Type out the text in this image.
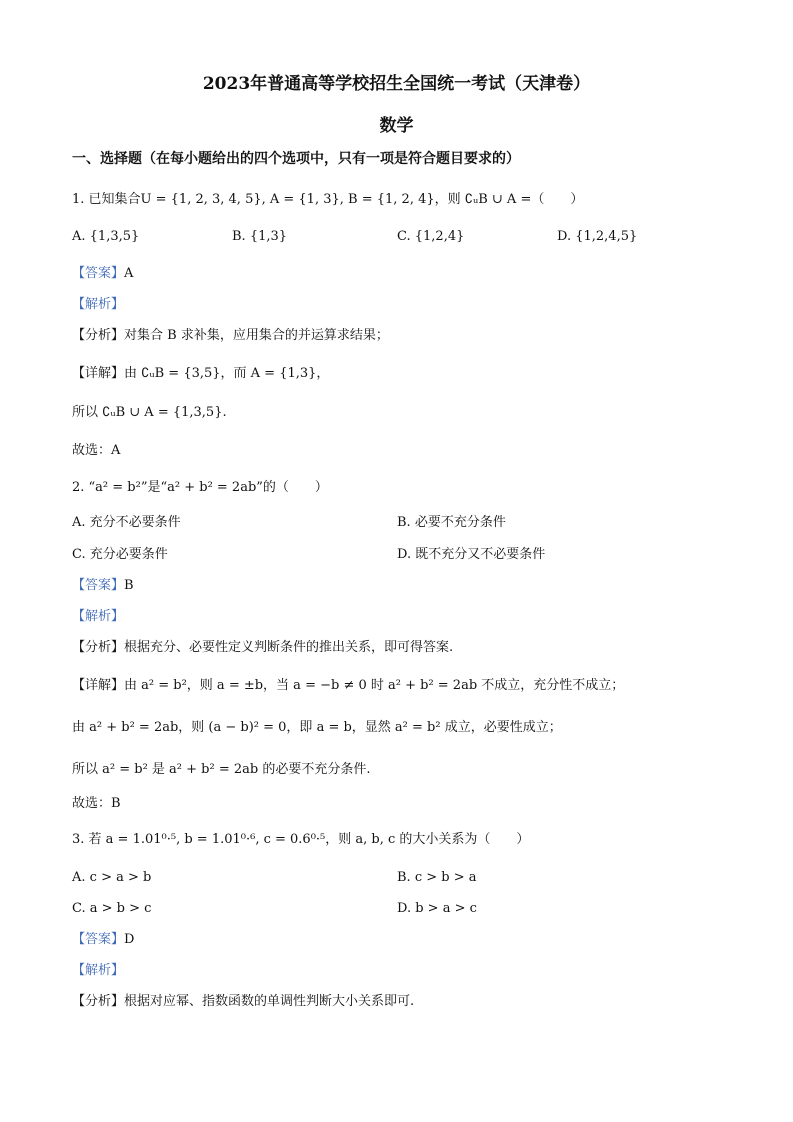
2023年普通高等学校招生全国统一考试（天津卷）
数学
一、选择题（在每小题给出的四个选项中，只有一项是符合题目要求的）
1. 已知集合U = {1, 2, 3, 4, 5}, A = {1, 3}, B = {1, 2, 4}，则 ∁ᵤB ∪ A =（　　）
A. {1,3,5}	B. {1,3}	C. {1,2,4}	D. {1,2,4,5}
【答案】A
【解析】
【分析】对集合 B 求补集，应用集合的并运算求结果；
【详解】由 ∁ᵤB = {3,5}，而 A = {1,3}，
所以 ∁ᵤB ∪ A = {1,3,5}.
故选：A
2. “a² = b²”是“a² + b² = 2ab”的（　　）
A. 充分不必要条件	B. 必要不充分条件
C. 充分必要条件	D. 既不充分又不必要条件
【答案】B
【解析】
【分析】根据充分、必要性定义判断条件的推出关系，即可得答案.
【详解】由 a² = b²，则 a = ±b，当 a = −b ≠ 0 时 a² + b² = 2ab 不成立，充分性不成立；
由 a² + b² = 2ab，则 (a − b)² = 0，即 a = b，显然 a² = b² 成立，必要性成立；
所以 a² = b² 是 a² + b² = 2ab 的必要不充分条件.
故选：B
3. 若 a = 1.01⁰·⁵, b = 1.01⁰·⁶, c = 0.6⁰·⁵，则 a, b, c 的大小关系为（　　）
A. c > a > b	B. c > b > a
C. a > b > c	D. b > a > c
【答案】D
【解析】
【分析】根据对应幂、指数函数的单调性判断大小关系即可.
